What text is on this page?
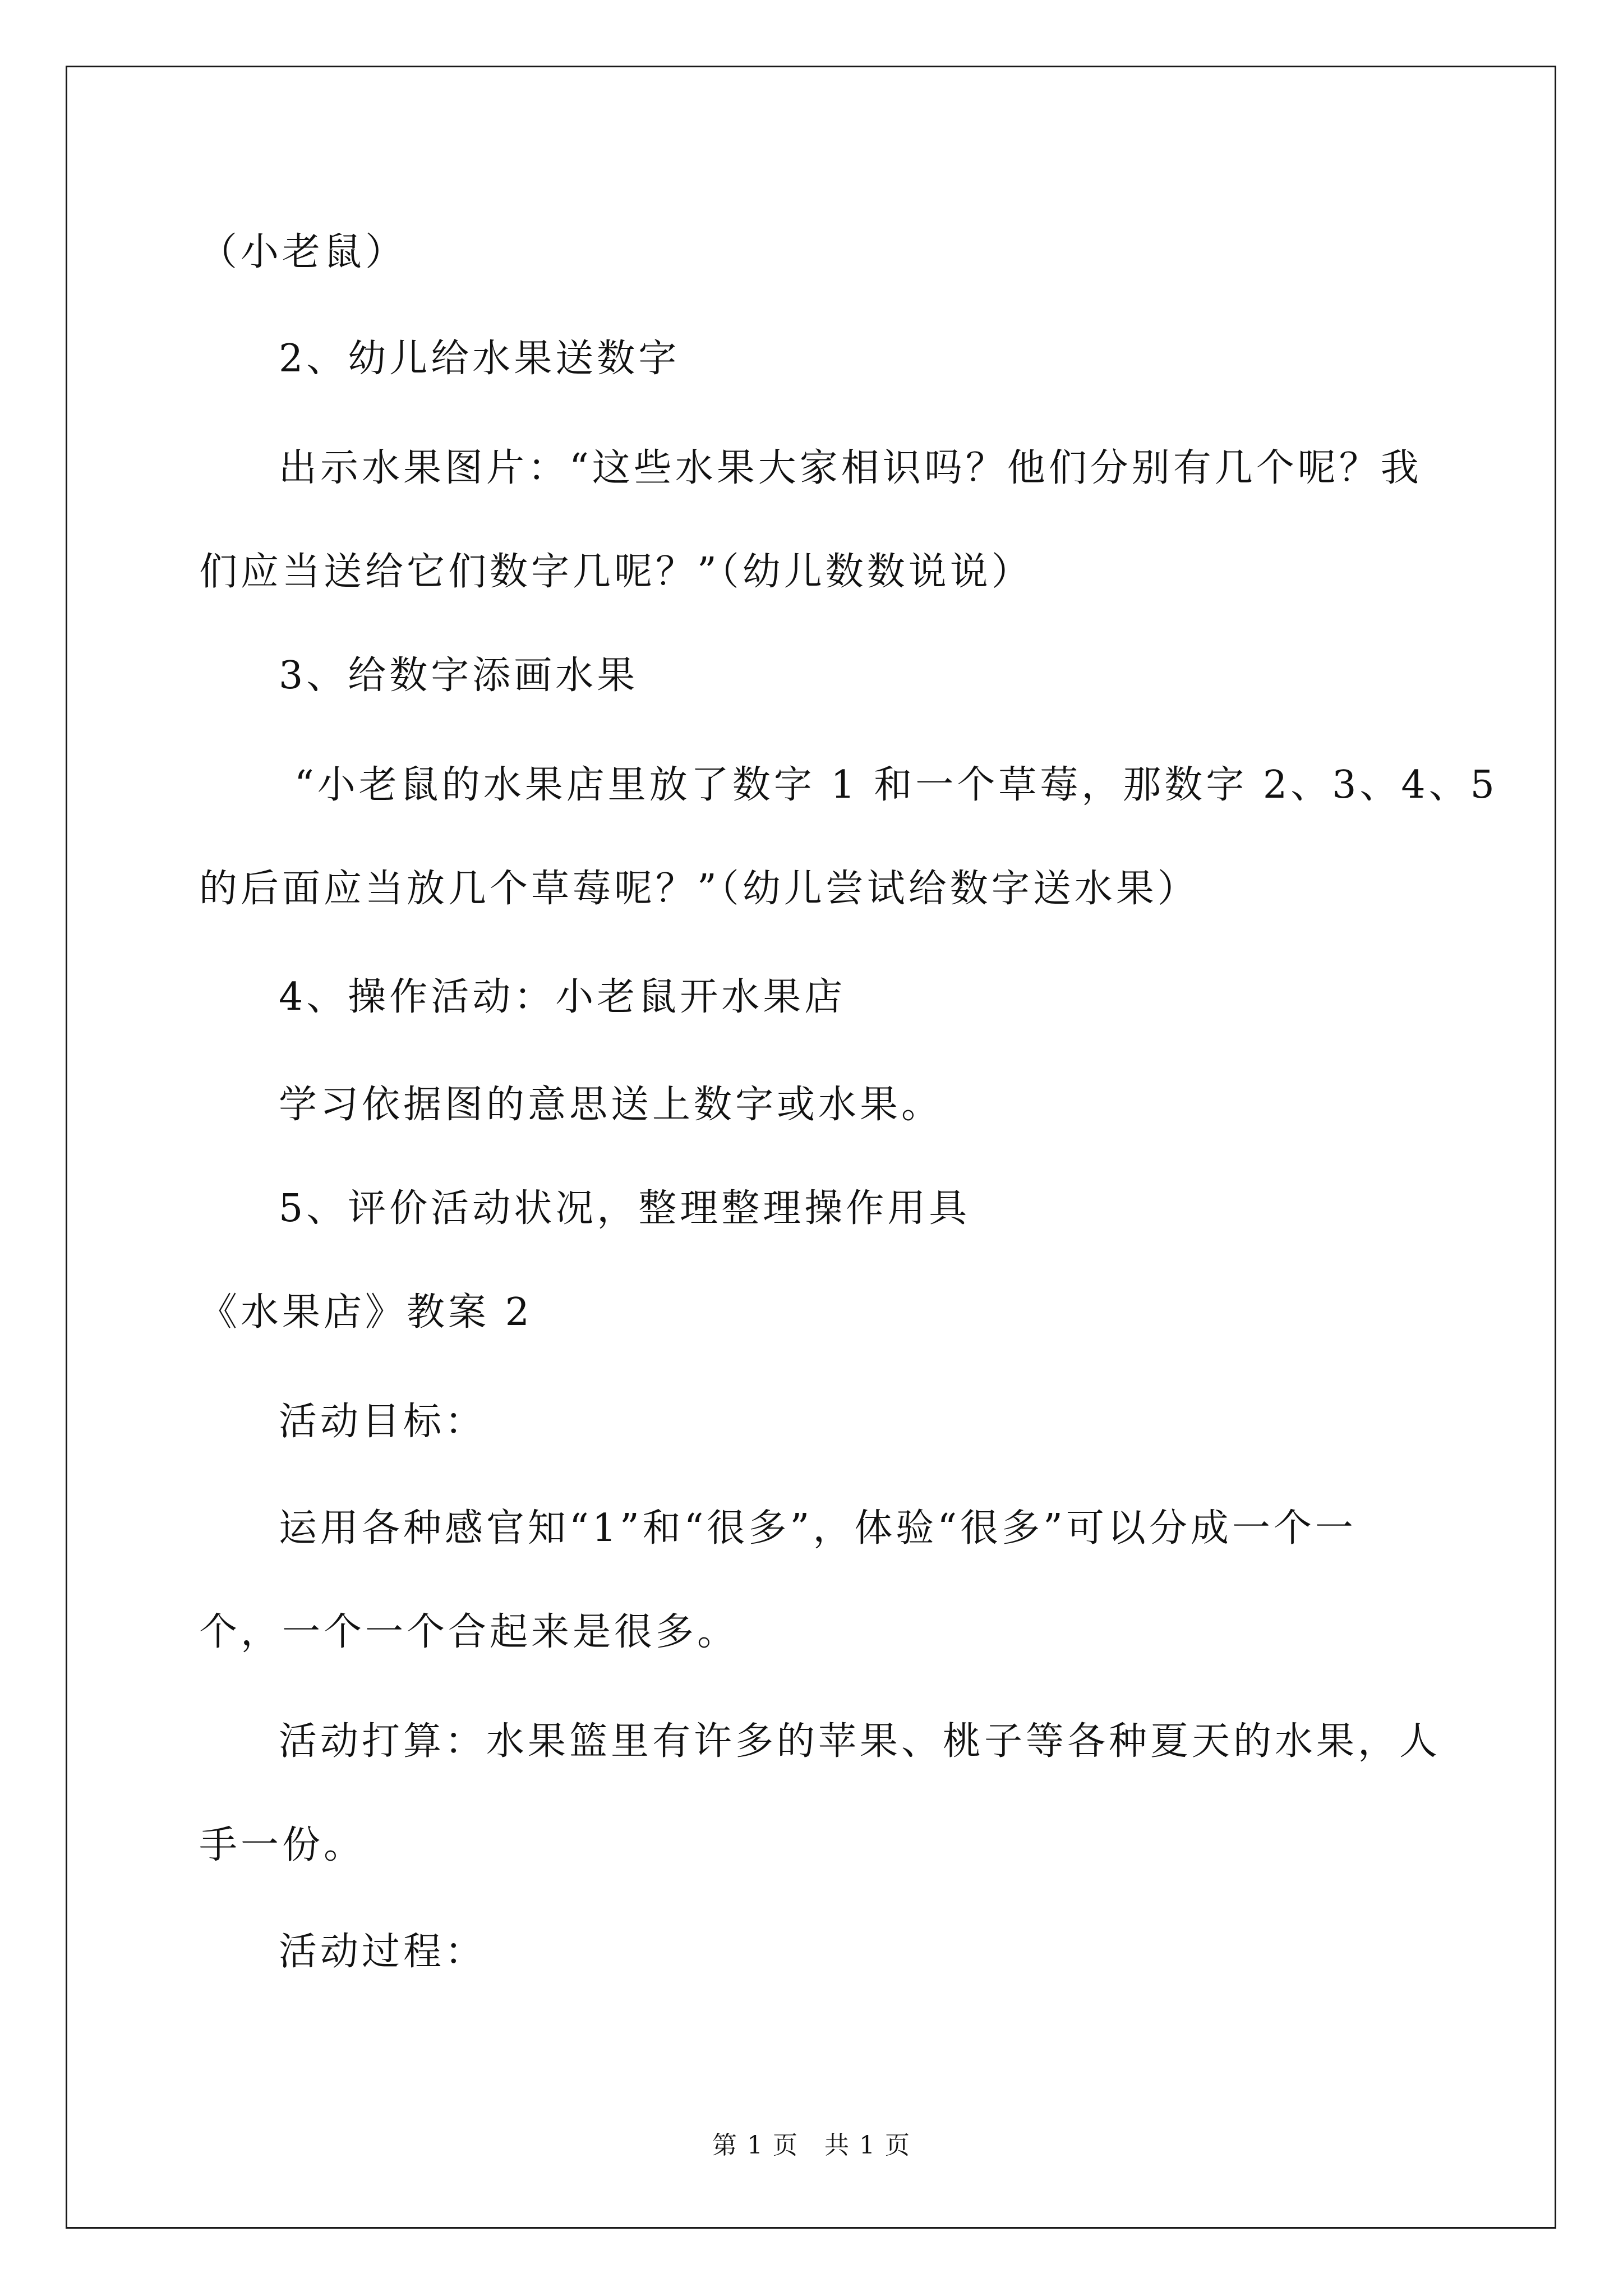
（小老鼠）
2、幼儿给水果送数字
出示水果图片：“这些水果大家相识吗？他们分别有几个呢？我
们应当送给它们数字几呢？”（幼儿数数说说）
3、给数字添画水果
“小老鼠的水果店里放了数字 1 和一个草莓，那数字 2、3、4、5
的后面应当放几个草莓呢？”（幼儿尝试给数字送水果）
4、操作活动：小老鼠开水果店
学习依据图的意思送上数字或水果。
5、评价活动状况，整理整理操作用具
《水果店》教案 2
活动目标：
运用各种感官知“1”和“很多”，体验“很多”可以分成一个一
个，一个一个合起来是很多。
活动打算：水果篮里有许多的苹果、桃子等各种夏天的水果，人
手一份。
活动过程：
第 1 页　共 1 页
